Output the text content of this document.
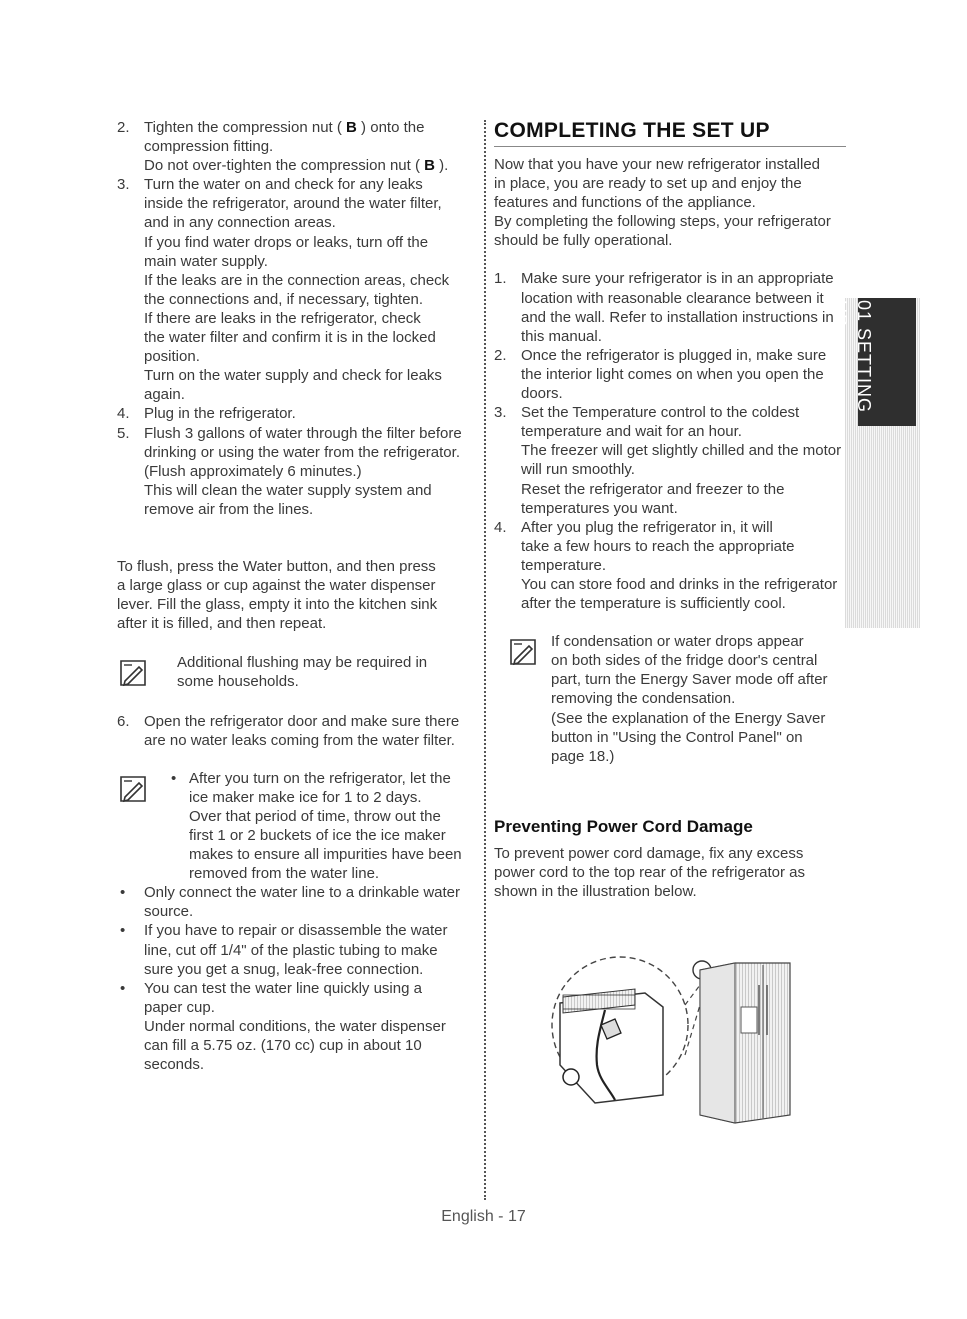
01 SETTING UP
2. Tighten the compression nut ( B ) onto the

compression fitting.

Do not over-tighten the compression nut ( B ).

3. Turn the water on and check for any leaks

inside the refrigerator, around the water filter,

and in any connection areas.

If you find water drops or leaks, turn off the

main water supply.

If the leaks are in the connection areas, check

the connections and, if necessary, tighten.

If there are leaks in the refrigerator, check

the water filter and confirm it is in the locked

position.

Turn on the water supply and check for leaks

again.

4. Plug in the refrigerator.

5. Flush 3 gallons of water through the filter before

drinking or using the water from the refrigerator.

(Flush approximately 6 minutes.)

This will clean the water supply system and

remove air from the lines.

To flush, press the Water button, and then press

a large glass or cup against the water dispenser

lever. Fill the glass, empty it into the kitchen sink

after it is filled, and then repeat.

Additional flushing may be required in

some households.

6. Open the refrigerator door and make sure there

are no water leaks coming from the water filter.

• After you turn on the refrigerator, let the

ice maker make ice for 1 to 2 days.

Over that period of time, throw out the

first 1 or 2 buckets of ice the ice maker

makes to ensure all impurities have been

removed from the water line.

• Only connect the water line to a drinkable water

source.

• If you have to repair or disassemble the water

line, cut off 1/4" of the plastic tubing to make

sure you get a snug, leak-free connection.

• You can test the water line quickly using a

paper cup.

Under normal conditions, the water dispenser

can fill a 5.75 oz. (170 cc) cup in about 10

seconds.

COMPLETING THE SET UP

Now that you have your new refrigerator installed

in place, you are ready to set up and enjoy the

features and functions of the appliance.

By completing the following steps, your refrigerator

should be fully operational.

1. Make sure your refrigerator is in an appropriate

location with reasonable clearance between it

and the wall. Refer to installation instructions in

this manual.

2. Once the refrigerator is plugged in, make sure

the interior light comes on when you open the

doors.

3. Set the Temperature control to the coldest

temperature and wait for an hour.

The freezer will get slightly chilled and the motor

will run smoothly.

Reset the refrigerator and freezer to the

temperatures you want.

4. After you plug the refrigerator in, it will

take a few hours to reach the appropriate

temperature.

You can store food and drinks in the refrigerator

after the temperature is sufficiently cool.

If condensation or water drops appear

on both sides of the fridge door's central

part, turn the Energy Saver mode off after

removing the condensation.

(See the explanation of the Energy Saver

button in "Using the Control Panel" on

page 18.)

Preventing Power Cord Damage

To prevent power cord damage, fix any excess

power cord to the top rear of the refrigerator as

shown in the illustration below.

English - 17
